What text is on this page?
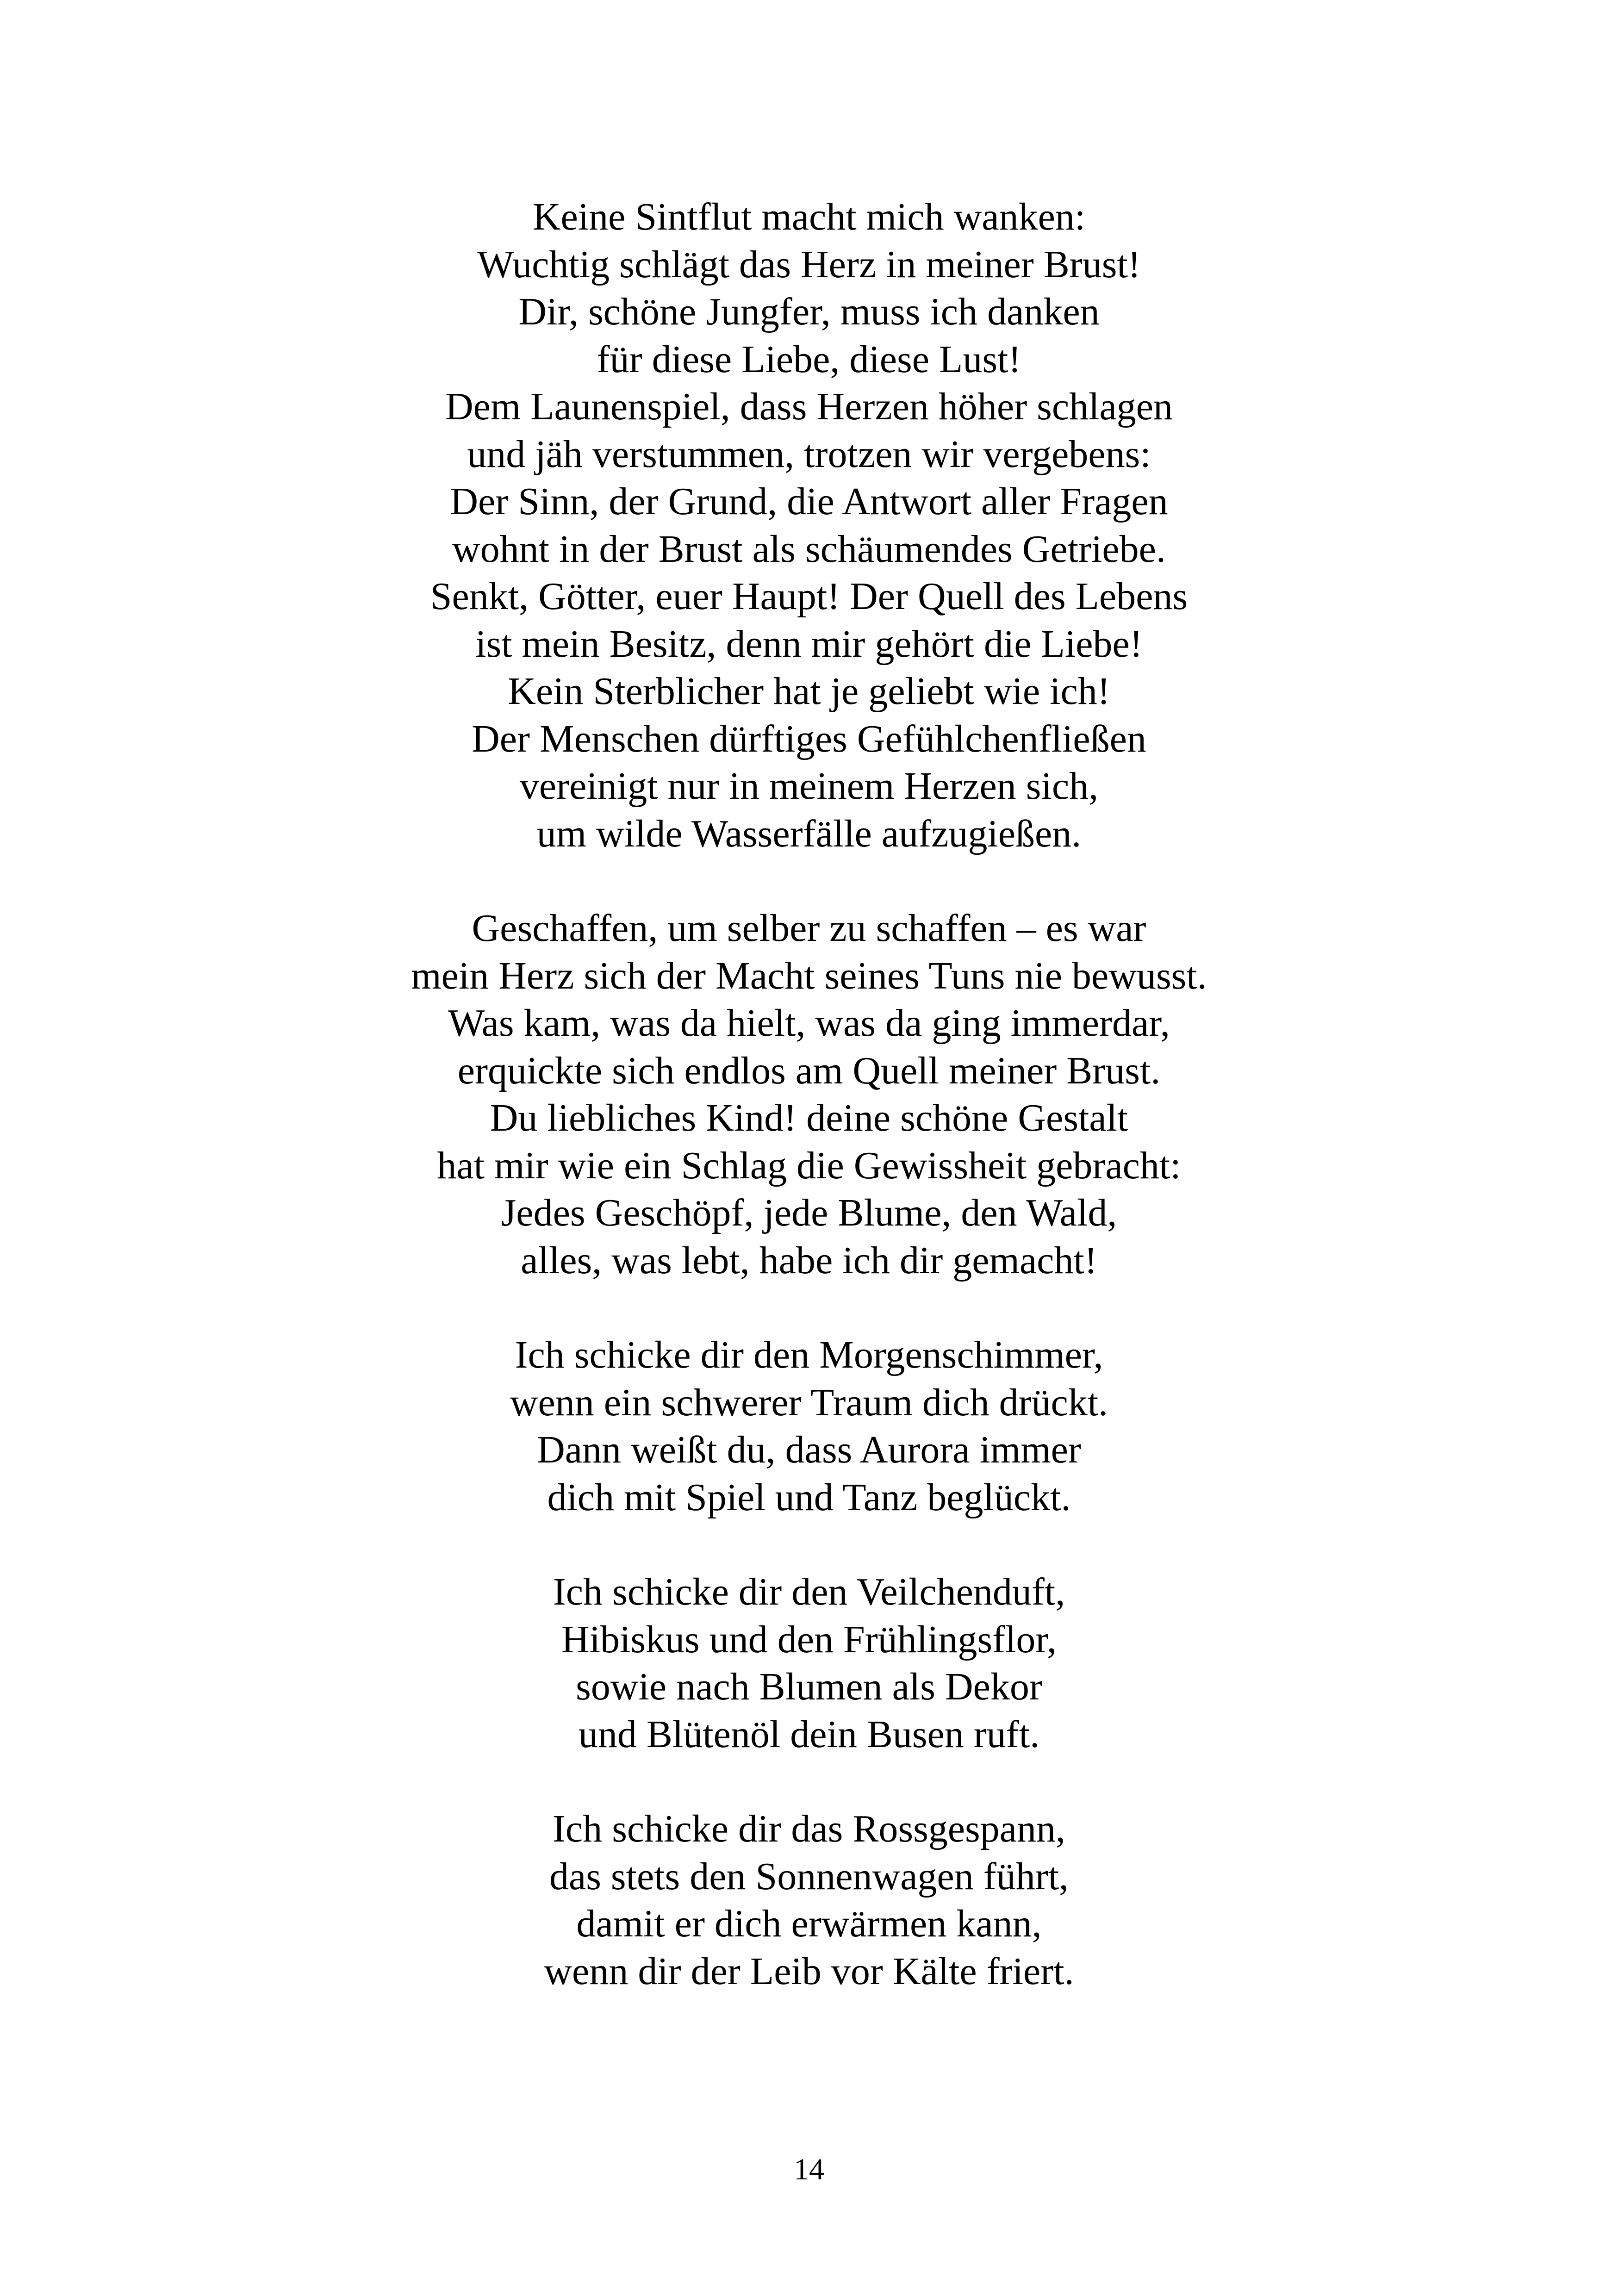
Keine Sintflut macht mich wanken:
Wuchtig schlägt das Herz in meiner Brust!
Dir, schöne Jungfer, muss ich danken
für diese Liebe, diese Lust!
Dem Launenspiel, dass Herzen höher schlagen
und jäh verstummen, trotzen wir vergebens:
Der Sinn, der Grund, die Antwort aller Fragen
wohnt in der Brust als schäumendes Getriebe.
Senkt, Götter, euer Haupt! Der Quell des Lebens
ist mein Besitz, denn mir gehört die Liebe!
Kein Sterblicher hat je geliebt wie ich!
Der Menschen dürftiges Gefühlchenfließen
vereinigt nur in meinem Herzen sich,
um wilde Wasserfälle aufzugießen.
Geschaffen, um selber zu schaffen – es war
mein Herz sich der Macht seines Tuns nie bewusst.
Was kam, was da hielt, was da ging immerdar,
erquickte sich endlos am Quell meiner Brust.
Du liebliches Kind! deine schöne Gestalt
hat mir wie ein Schlag die Gewissheit gebracht:
Jedes Geschöpf, jede Blume, den Wald,
alles, was lebt, habe ich dir gemacht!
Ich schicke dir den Morgenschimmer,
wenn ein schwerer Traum dich drückt.
Dann weißt du, dass Aurora immer
dich mit Spiel und Tanz beglückt.
Ich schicke dir den Veilchenduft,
Hibiskus und den Frühlingsflor,
sowie nach Blumen als Dekor
und Blütenöl dein Busen ruft.
Ich schicke dir das Rossgespann,
das stets den Sonnenwagen führt,
damit er dich erwärmen kann,
wenn dir der Leib vor Kälte friert.
14
